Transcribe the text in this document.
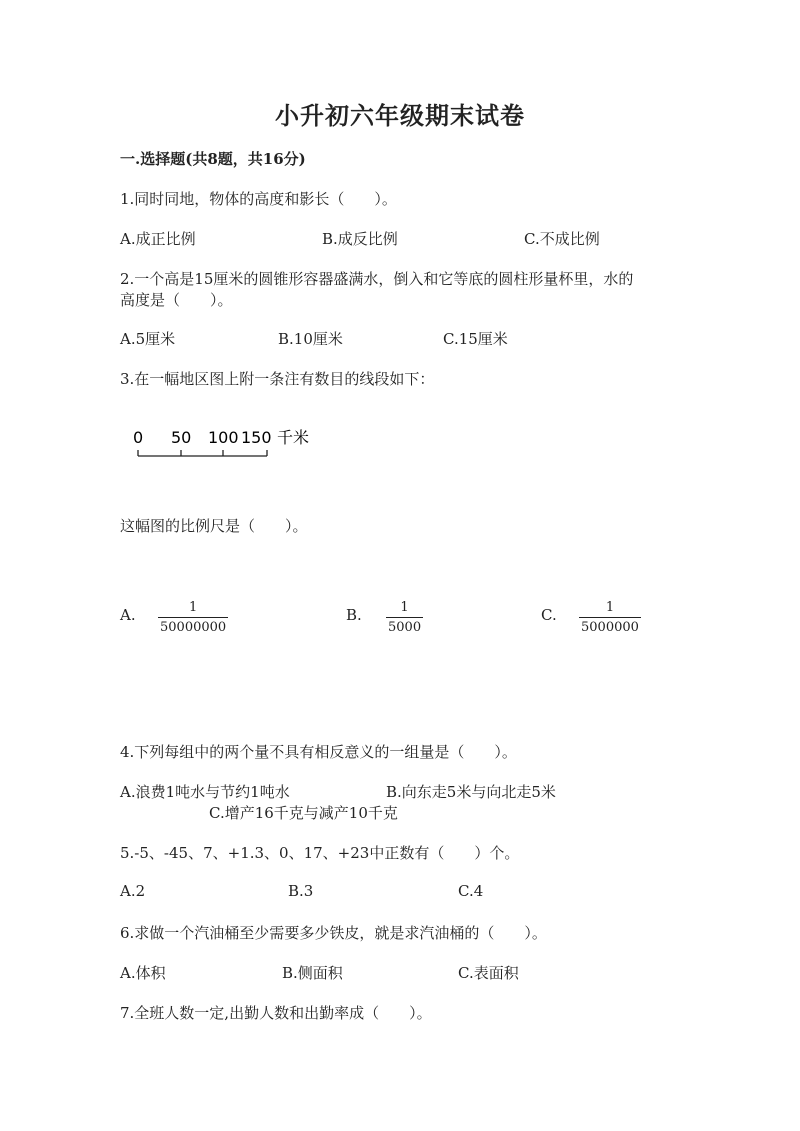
小升初六年级期末试卷
一.选择题(共8题，共16分)
1.同时同地，物体的高度和影长（　　）。
A.成正比例	B.成反比例	C.不成比例
2.一个高是15厘米的圆锥形容器盛满水，倒入和它等底的圆柱形量杯里，水的
高度是（　　）。
A.5厘米	B.10厘米	C.15厘米
3.在一幅地区图上附一条注有数目的线段如下：
0 50 100 150 千米
这幅图的比例尺是（　　）。
A. $\frac{1}{50000000}$	B. $\frac{1}{5000}$	C. $\frac{1}{5000000}$
4.下列每组中的两个量不具有相反意义的一组量是（　　）。
A.浪费1吨水与节约1吨水	B.向东走5米与向北走5米
C.增产16千克与减产10千克
5.-5、-45、7、+1.3、0、17、+23中正数有（　　）个。
A.2	B.3	C.4
6.求做一个汽油桶至少需要多少铁皮，就是求汽油桶的（　　）。
A.体积	B.侧面积	C.表面积
7.全班人数一定,出勤人数和出勤率成（　　）。
